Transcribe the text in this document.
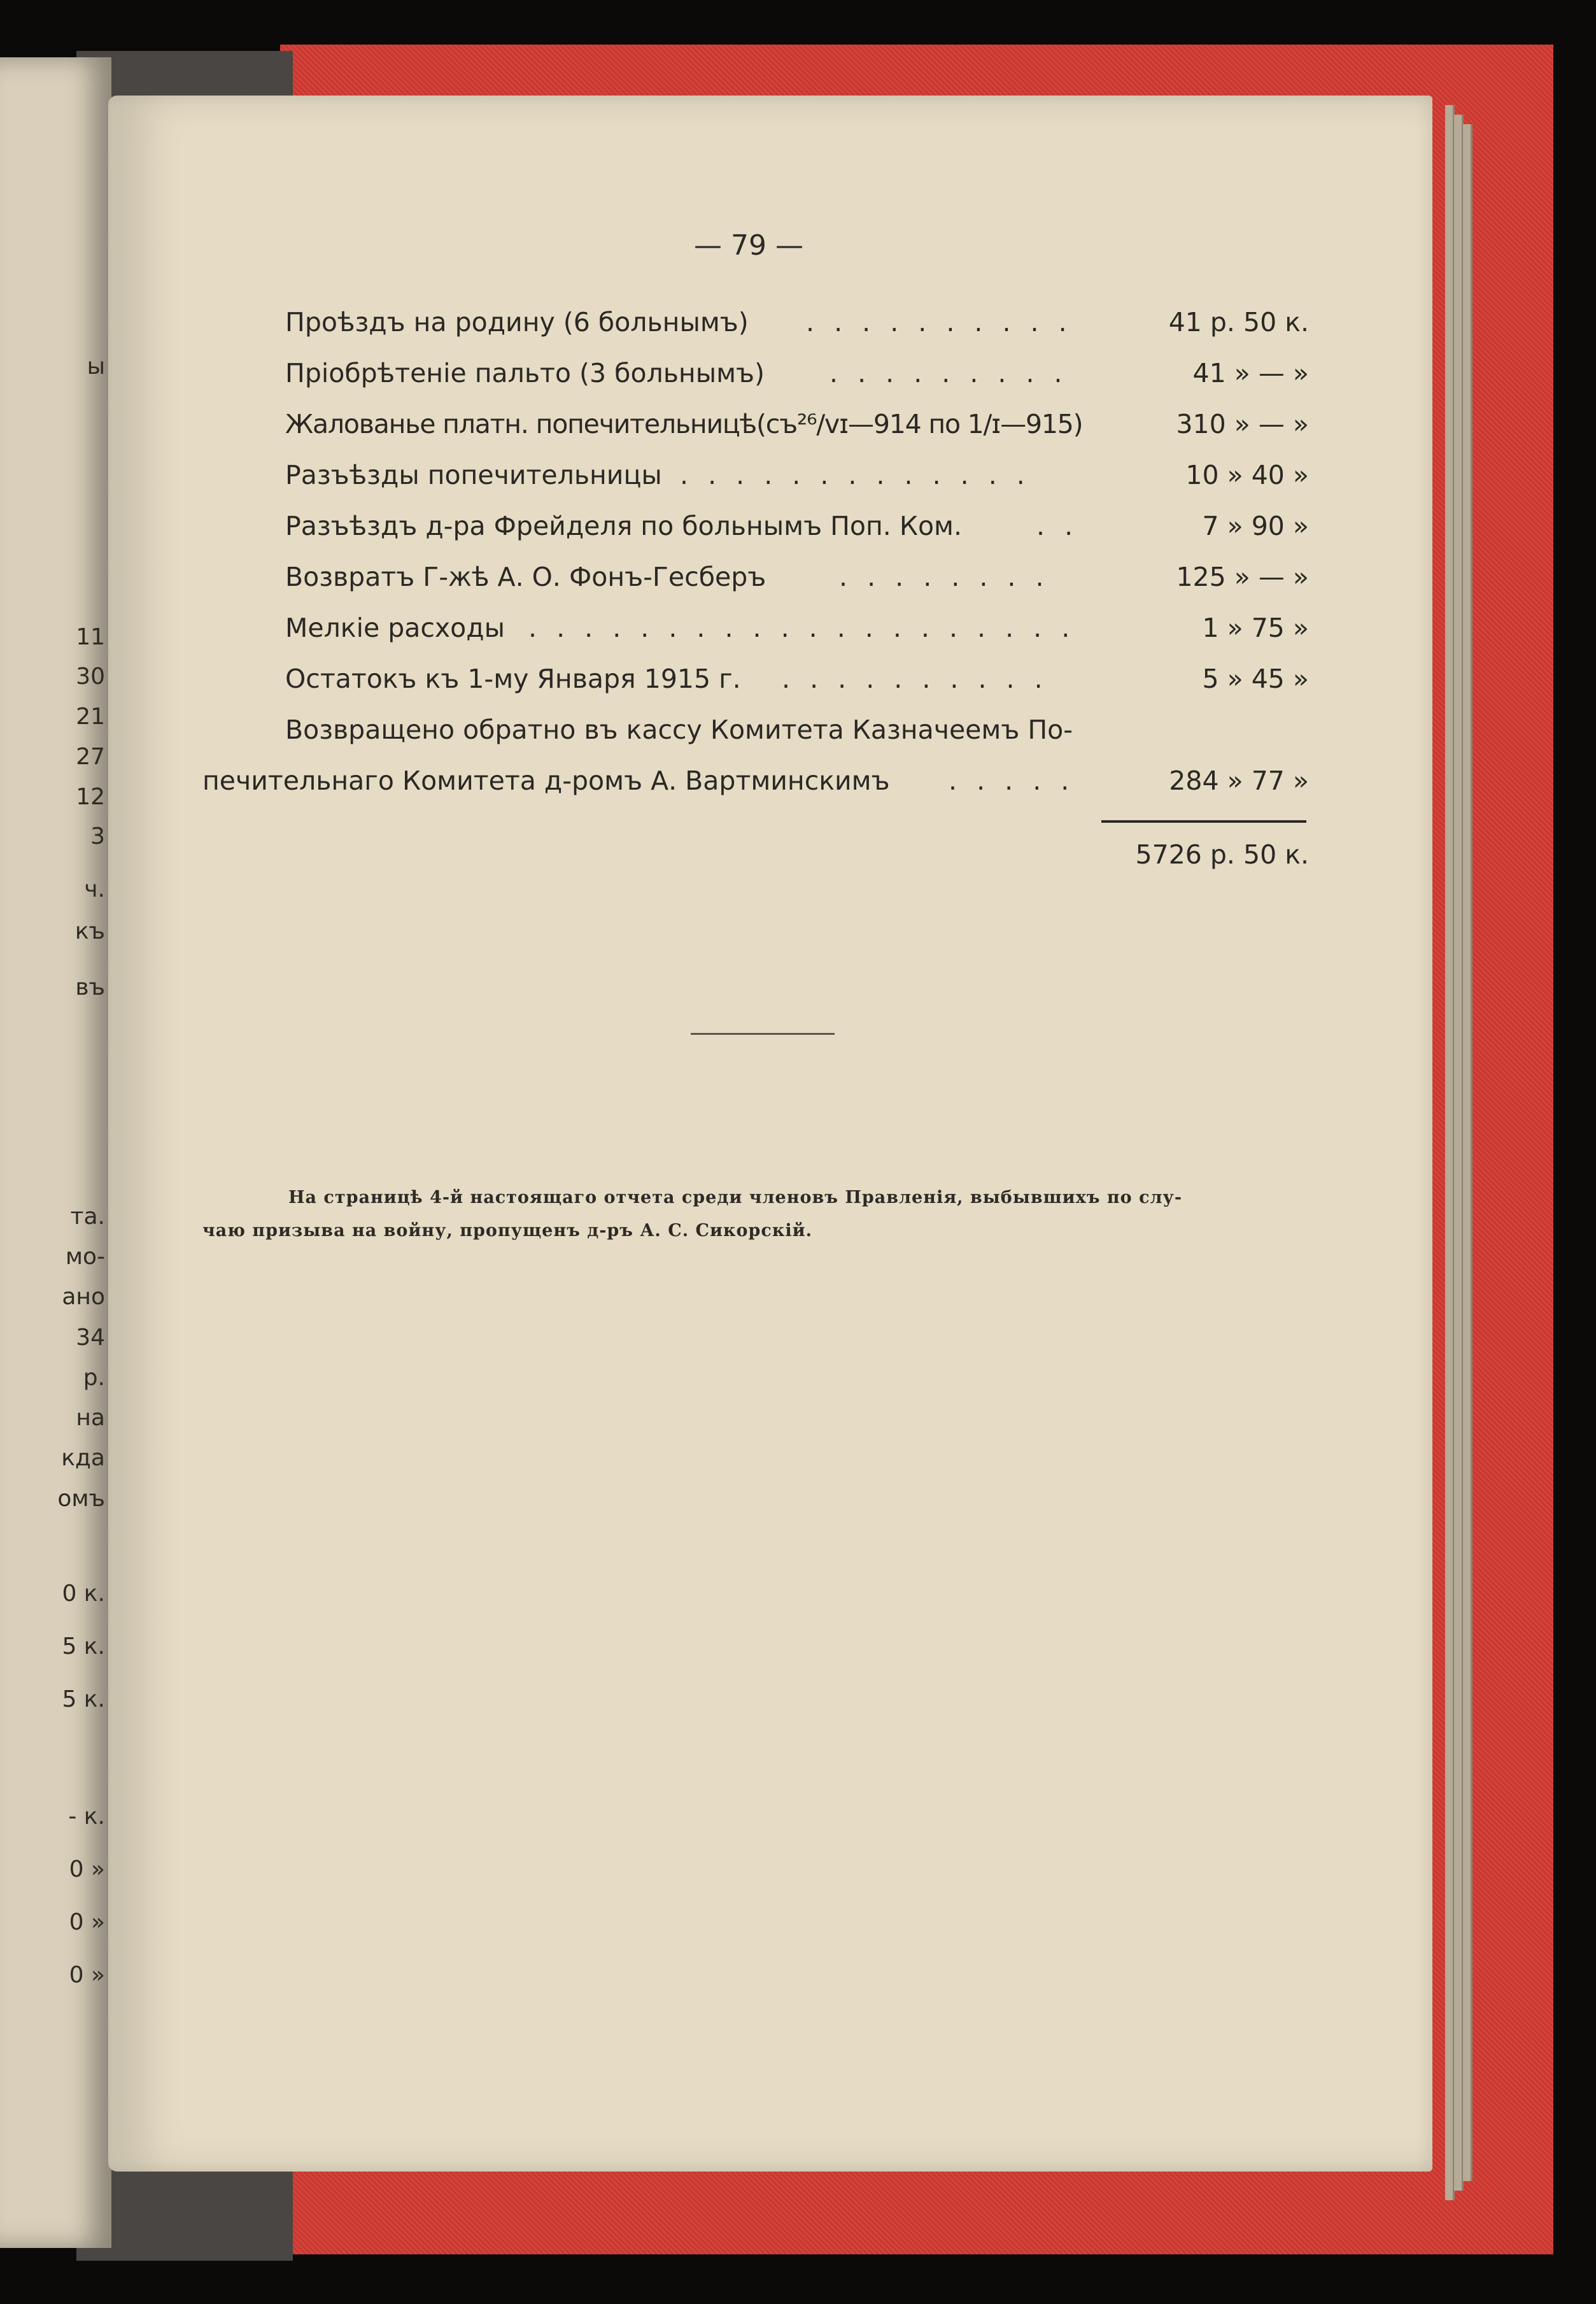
ы
11
30
21
27
12
3
ч.
къ
въ
та.
мо-
ано
34
р.
на
кда
омъ
0 к.
5 к.
5 к.
- к.
0 »
0 »
0 »
— 79 —
Проѣздъ на родину (6 больнымъ) . . . . . . . . . .	41 р. 50 к.
Пріобрѣтеніе пальто (3 больнымъ) . . . . . . . . .	41 » — »
Жалованье платн. попечительницѣ(съ²⁶/ᴠɪ—914 по 1/ɪ—915)	310 » — »
Разъѣзды попечительницы . . . . . . . . . . . . .	10 » 40 »
Разъѣздъ д-ра Фрейделя по больнымъ Поп. Ком.	. .	7 » 90 »
Возвратъ Г-жѣ А. О. Фонъ-Гесберъ	. . . . . . . .	125 » — »
Мелкіе расходы . . . . . . . . . . . . . . . . . . . .	1 » 75 »
Остатокъ къ 1-му Января 1915 г. . . . . . . . . . .	5 » 45 »
Возвращено обратно въ кассу Комитета Казначеемъ По-
печительнаго Комитета д-ромъ А. Вартминскимъ . . . . .	284 » 77 »
5726 р. 50 к.
На страницѣ 4-й настоящаго отчета среди членовъ Правленія, выбывшихъ по слу-
чаю призыва на войну, пропущенъ д-ръ А. С. Сикорскій.
